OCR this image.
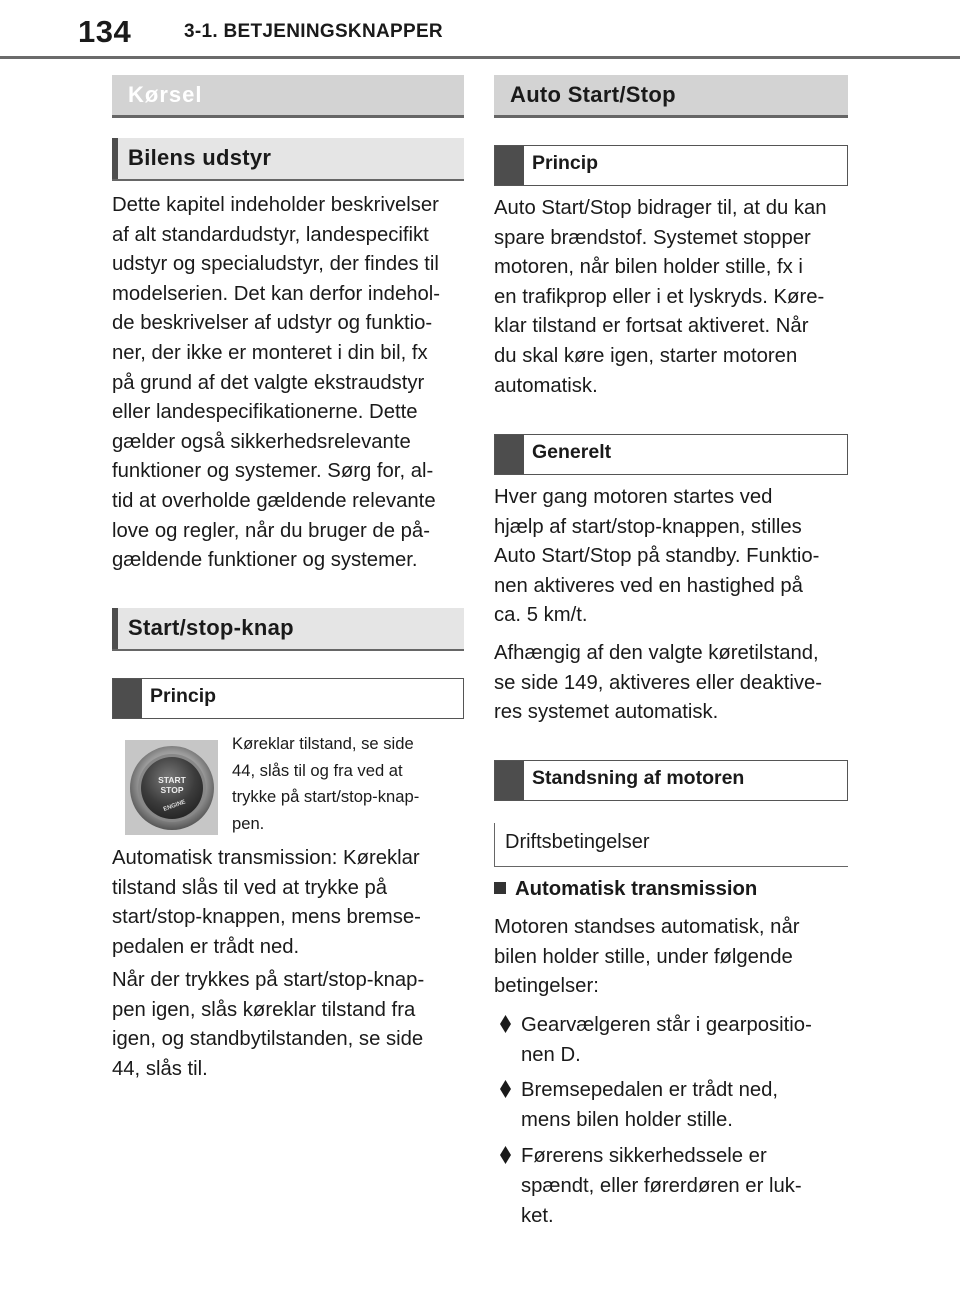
134	3-1. BETJENINGSKNAPPER
Kørsel
Bilens udstyr
Dette kapitel indeholder beskrivelser
af alt standardudstyr, landespecifikt
udstyr og specialudstyr, der findes til
modelserien. Det kan derfor indehol-
de beskrivelser af udstyr og funktio-
ner, der ikke er monteret i din bil, fx
på grund af det valgte ekstraudstyr
eller landespecifikationerne. Dette
gælder også sikkerhedsrelevante
funktioner og systemer. Sørg for, al-
tid at overholde gældende relevante
love og regler, når du bruger de på-
gældende funktioner og systemer.
Start/stop-knap
Princip
START
STOP
ENGINE
Køreklar tilstand, se side
44, slås til og fra ved at
trykke på start/stop-knap-
pen.
Automatisk transmission: Køreklar
tilstand slås til ved at trykke på
start/stop-knappen, mens bremse-
pedalen er trådt ned.
Når der trykkes på start/stop-knap-
pen igen, slås køreklar tilstand fra
igen, og standbytilstanden, se side
44, slås til.
Auto Start/Stop
Princip
Auto Start/Stop bidrager til, at du kan
spare brændstof. Systemet stopper
motoren, når bilen holder stille, fx i
en trafikprop eller i et lyskryds. Køre-
klar tilstand er fortsat aktiveret. Når
du skal køre igen, starter motoren
automatisk.
Generelt
Hver gang motoren startes ved
hjælp af start/stop-knappen, stilles
Auto Start/Stop på standby. Funktio-
nen aktiveres ved en hastighed på
ca. 5 km/t.
Afhængig af den valgte køretilstand,
se side 149, aktiveres eller deaktive-
res systemet automatisk.
Standsning af motoren
Driftsbetingelser
Automatisk transmission
Motoren standses automatisk, når
bilen holder stille, under følgende
betingelser:
Gearvælgeren står i gearpositio-
nen D.
Bremsepedalen er trådt ned,
mens bilen holder stille.
Førerens sikkerhedssele er
spændt, eller førerdøren er luk-
ket.
